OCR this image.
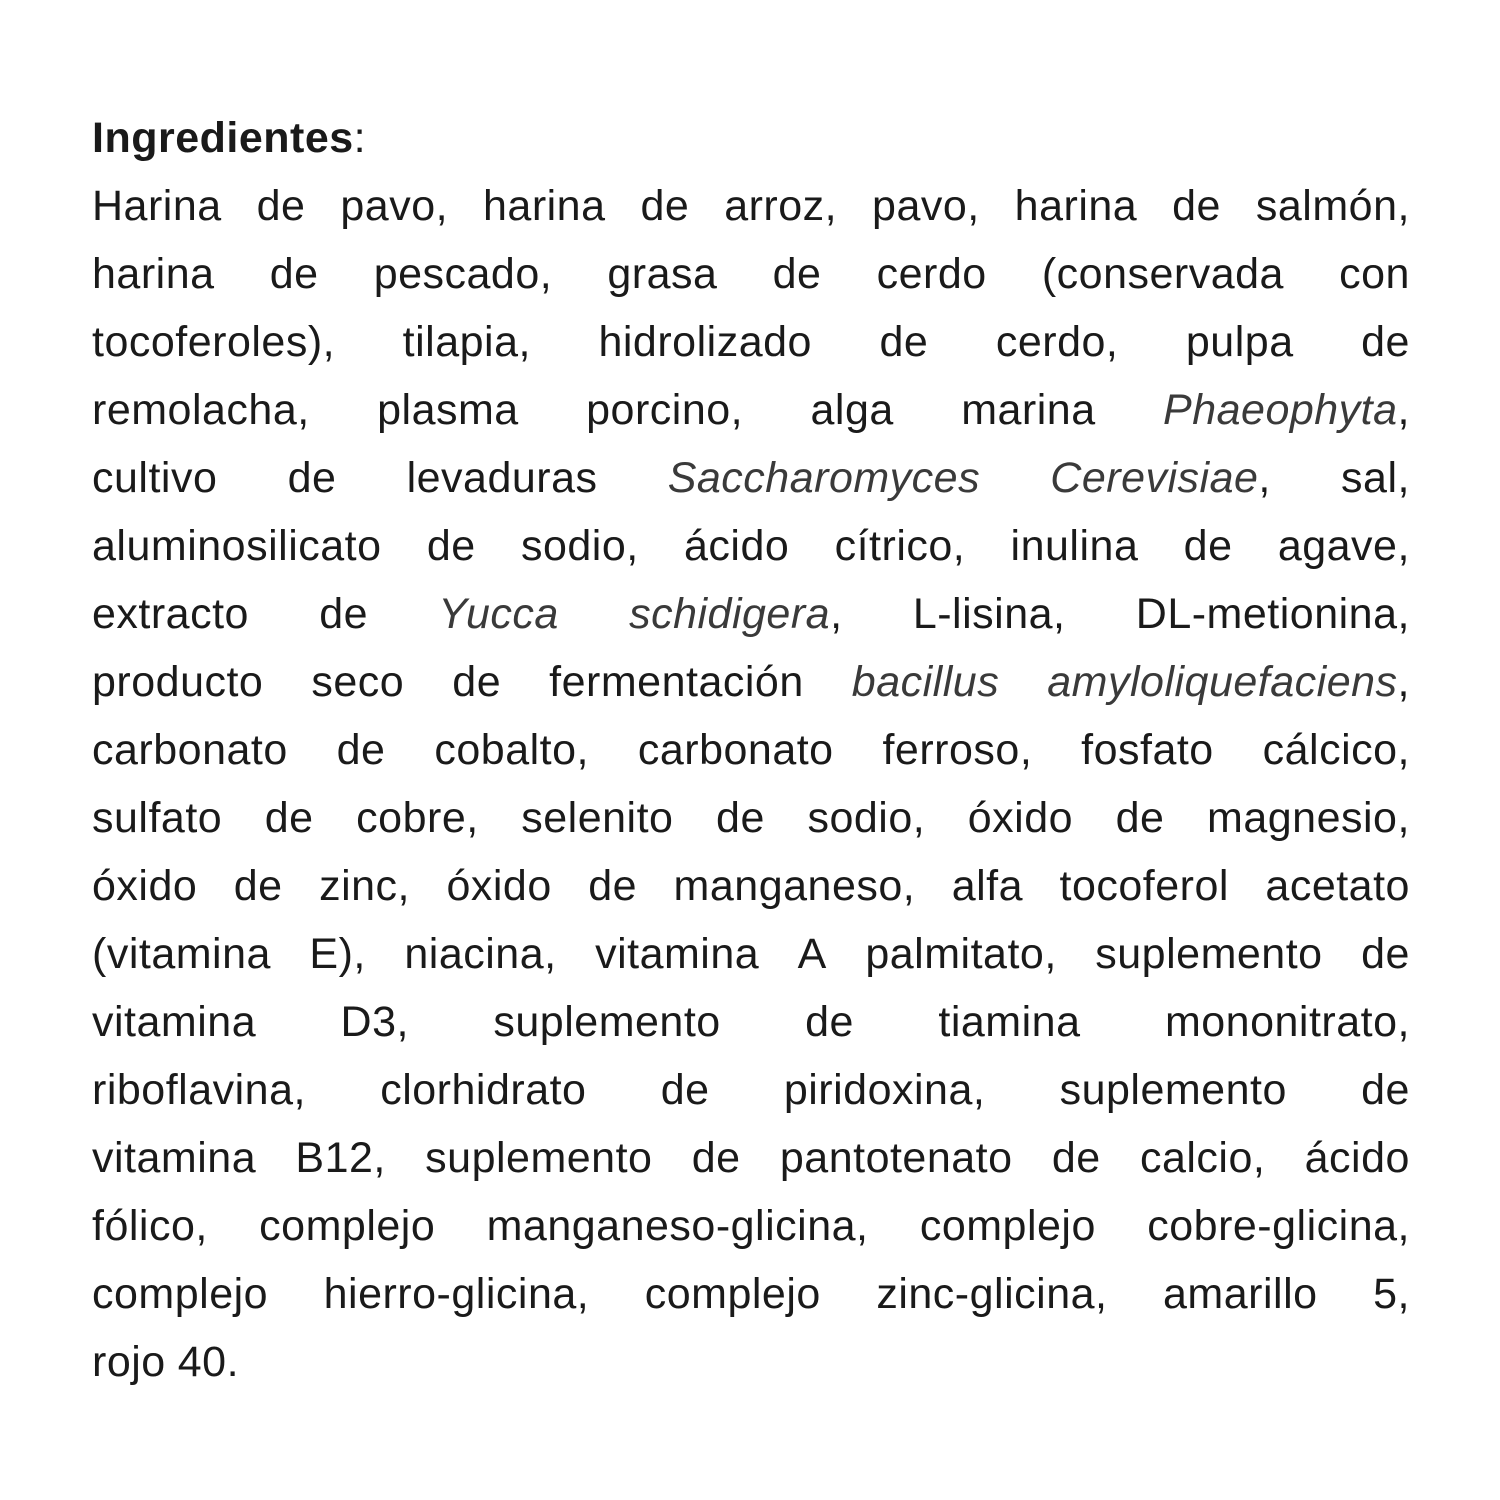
Ingredientes:
Harina de pavo, harina de arroz, pavo, harina de salmón,
harina de pescado, grasa de cerdo (conservada con
tocoferoles), tilapia, hidrolizado de cerdo, pulpa de
remolacha, plasma porcino, alga marina Phaeophyta,
cultivo de levaduras Saccharomyces Cerevisiae, sal,
aluminosilicato de sodio, ácido cítrico, inulina de agave,
extracto de Yucca schidigera, L-lisina, DL-metionina,
producto seco de fermentación bacillus amyloliquefaciens,
carbonato de cobalto, carbonato ferroso, fosfato cálcico,
sulfato de cobre, selenito de sodio, óxido de magnesio,
óxido de zinc, óxido de manganeso, alfa tocoferol acetato
(vitamina E), niacina, vitamina A palmitato, suplemento de
vitamina D3, suplemento de tiamina mononitrato,
riboflavina, clorhidrato de piridoxina, suplemento de
vitamina B12, suplemento de pantotenato de calcio, ácido
fólico, complejo manganeso-glicina, complejo cobre-glicina,
complejo hierro-glicina, complejo zinc-glicina, amarillo 5,
rojo 40.
